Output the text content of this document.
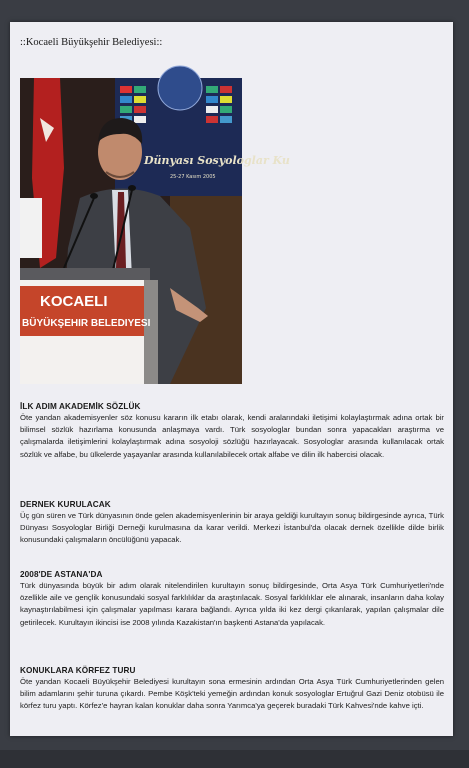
::Kocaeli Büyükşehir Belediyesi::
Dünyası Sosyologlar Ku
25-27 Kasım 2005
KOCAELI
BÜYÜKŞEHIR BELEDIYESI
İLK ADIM AKADEMİK SÖZLÜK

Öte yandan akademisyenler söz konusu kararın ilk etabı olarak, kendi aralarındaki iletişimi kolaylaştırmak adına ortak bir bilimsel sözlük hazırlama konusunda anlaşmaya vardı. Türk sosyologlar bundan sonra yapacakları araştırma ve çalışmalarda iletişimlerini kolaylaştırmak adına sosyoloji sözlüğü hazırlayacak. Sosyologlar arasında kullanılacak ortak sözlük ve alfabe, bu ülkelerde yaşayanlar arasında kullanılabilecek ortak alfabe ve dilin ilk habercisi olacak.

DERNEK KURULACAK

Üç gün süren ve Türk dünyasının önde gelen akademisyenlerinin bir araya geldiği kurultayın sonuç bildirgesinde ayrıca, Türk Dünyası Sosyologlar Birliği Derneği kurulmasına da karar verildi. Merkezi İstanbul'da olacak dernek özellikle dilde birlik konusundaki çalışmaların öncülüğünü yapacak.

2008'DE ASTANA'DA

Türk dünyasında büyük bir adım olarak nitelendirilen kurultayın sonuç bildirgesinde, Orta Asya Türk Cumhuriyetleri'nde özellikle aile ve gençlik konusundaki sosyal farklılıklar da araştırılacak. Sosyal farklılıklar ele alınarak, insanların daha kolay kaynaştırılabilmesi için çalışmalar yapılması karara bağlandı. Ayrıca yılda iki kez dergi çıkarılarak, yapılan çalışmalar dile getirilecek. Kurultayın ikincisi ise 2008 yılında Kazakistan'ın başkenti Astana'da yapılacak.

KONUKLARA KÖRFEZ TURU

Öte yandan Kocaeli Büyükşehir Belediyesi kurultayın sona ermesinin ardından Orta Asya Türk Cumhuriyetlerinden gelen bilim adamlarını şehir turuna çıkardı. Pembe Köşk'teki yemeğin ardından konuk sosyologlar Ertuğrul Gazi Deniz otobüsü ile körfez turu yaptı. Körfez'e hayran kalan konuklar daha sonra Yarımca'ya geçerek buradaki Türk Kahvesi'nde kahve içti.
